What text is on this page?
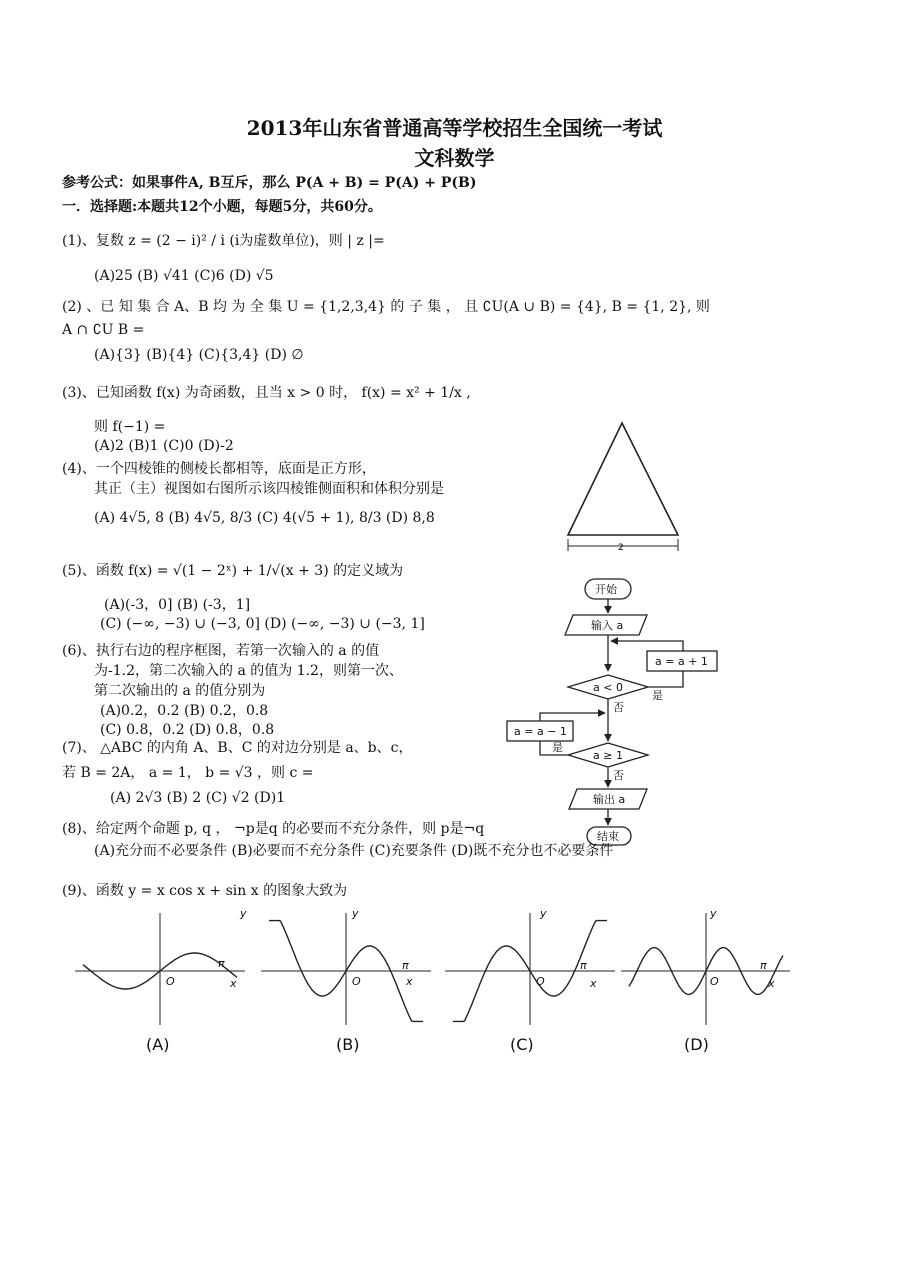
2013年山东省普通高等学校招生全国统一考试
文科数学
参考公式：如果事件A, B互斥，那么 P(A + B) = P(A) + P(B)
一．选择题:本题共12个小题，每题5分，共60分。
(1)、复数 z = (2 − i)² / i (i为虚数单位)，则 | z |=
(A)25 (B) √41 (C)6 (D) √5
(2) 、已 知 集 合 A、B 均 为 全 集 U = {1,2,3,4} 的 子 集 ， 且 ∁U(A ∪ B) = {4}, B = {1, 2}, 则
A ∩ ∁U B =
(A){3} (B){4} (C){3,4} (D) ∅
(3)、已知函数 f(x) 为奇函数，且当 x > 0 时， f(x) = x² + 1/x ,
则 f(−1) =
(A)2 (B)1 (C)0 (D)-2
(4)、一个四棱锥的侧棱长都相等，底面是正方形，
其正（主）视图如右图所示该四棱锥侧面积和体积分别是
(A) 4√5, 8 (B) 4√5, 8/3 (C) 4(√5 + 1), 8/3 (D) 8,8
2
(5)、函数 f(x) = √(1 − 2ˣ) + 1/√(x + 3) 的定义域为
(A)(-3，0] (B) (-3，1]
(C) (−∞, −3) ∪ (−3, 0] (D) (−∞, −3) ∪ (−3, 1]
(6)、执行右边的程序框图，若第一次输入的 a 的值
为-1.2，第二次输入的 a 的值为 1.2，则第一次、
第二次输出的 a 的值分别为
(A)0.2，0.2 (B) 0.2，0.8
(C) 0.8，0.2 (D) 0.8，0.8
开始
输入 a
a = a + 1
a < 0
是
否
a = a − 1
a ≥ 1
是
否
输出 a
结束
(7)、 △ABC 的内角 A、B、C 的对边分别是 a、b、c，
若 B = 2A， a = 1， b = √3 ，则 c =
(A) 2√3 (B) 2 (C) √2 (D)1
(8)、给定两个命题 p, q ， ¬p是q 的必要而不充分条件，则 p是¬q
(A)充分而不必要条件 (B)必要而不充分条件 (C)充要条件 (D)既不充分也不必要条件
(9)、函数 y = x cos x + sin x 的图象大致为
y
O
π
x
y
O
π
x
y
O
π
x
y
O
π
x
(A)	(B)	(C)	(D)
